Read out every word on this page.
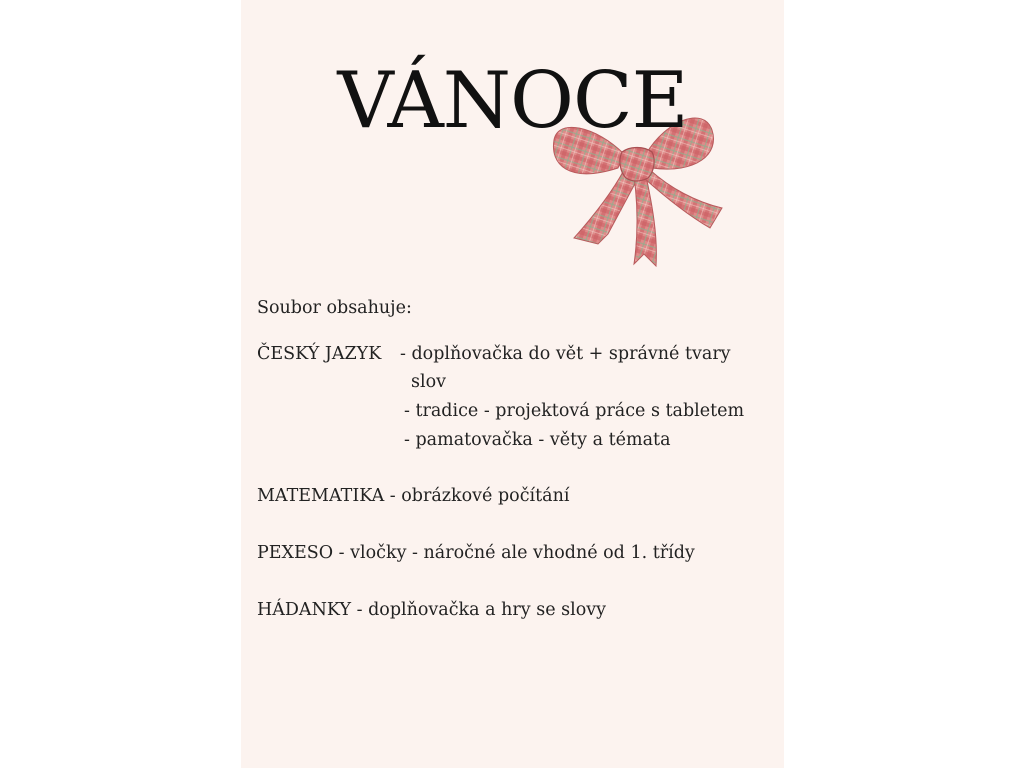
VÁNOCE
Soubor obsahuje:
ČESKÝ JAZYK - doplňovačka do vět + správné tvary
slov
- tradice - projektová práce s tabletem
- pamatovačka - věty a témata
MATEMATIKA - obrázkové počítání
PEXESO - vločky - náročné ale vhodné od 1. třídy
HÁDANKY - doplňovačka a hry se slovy
